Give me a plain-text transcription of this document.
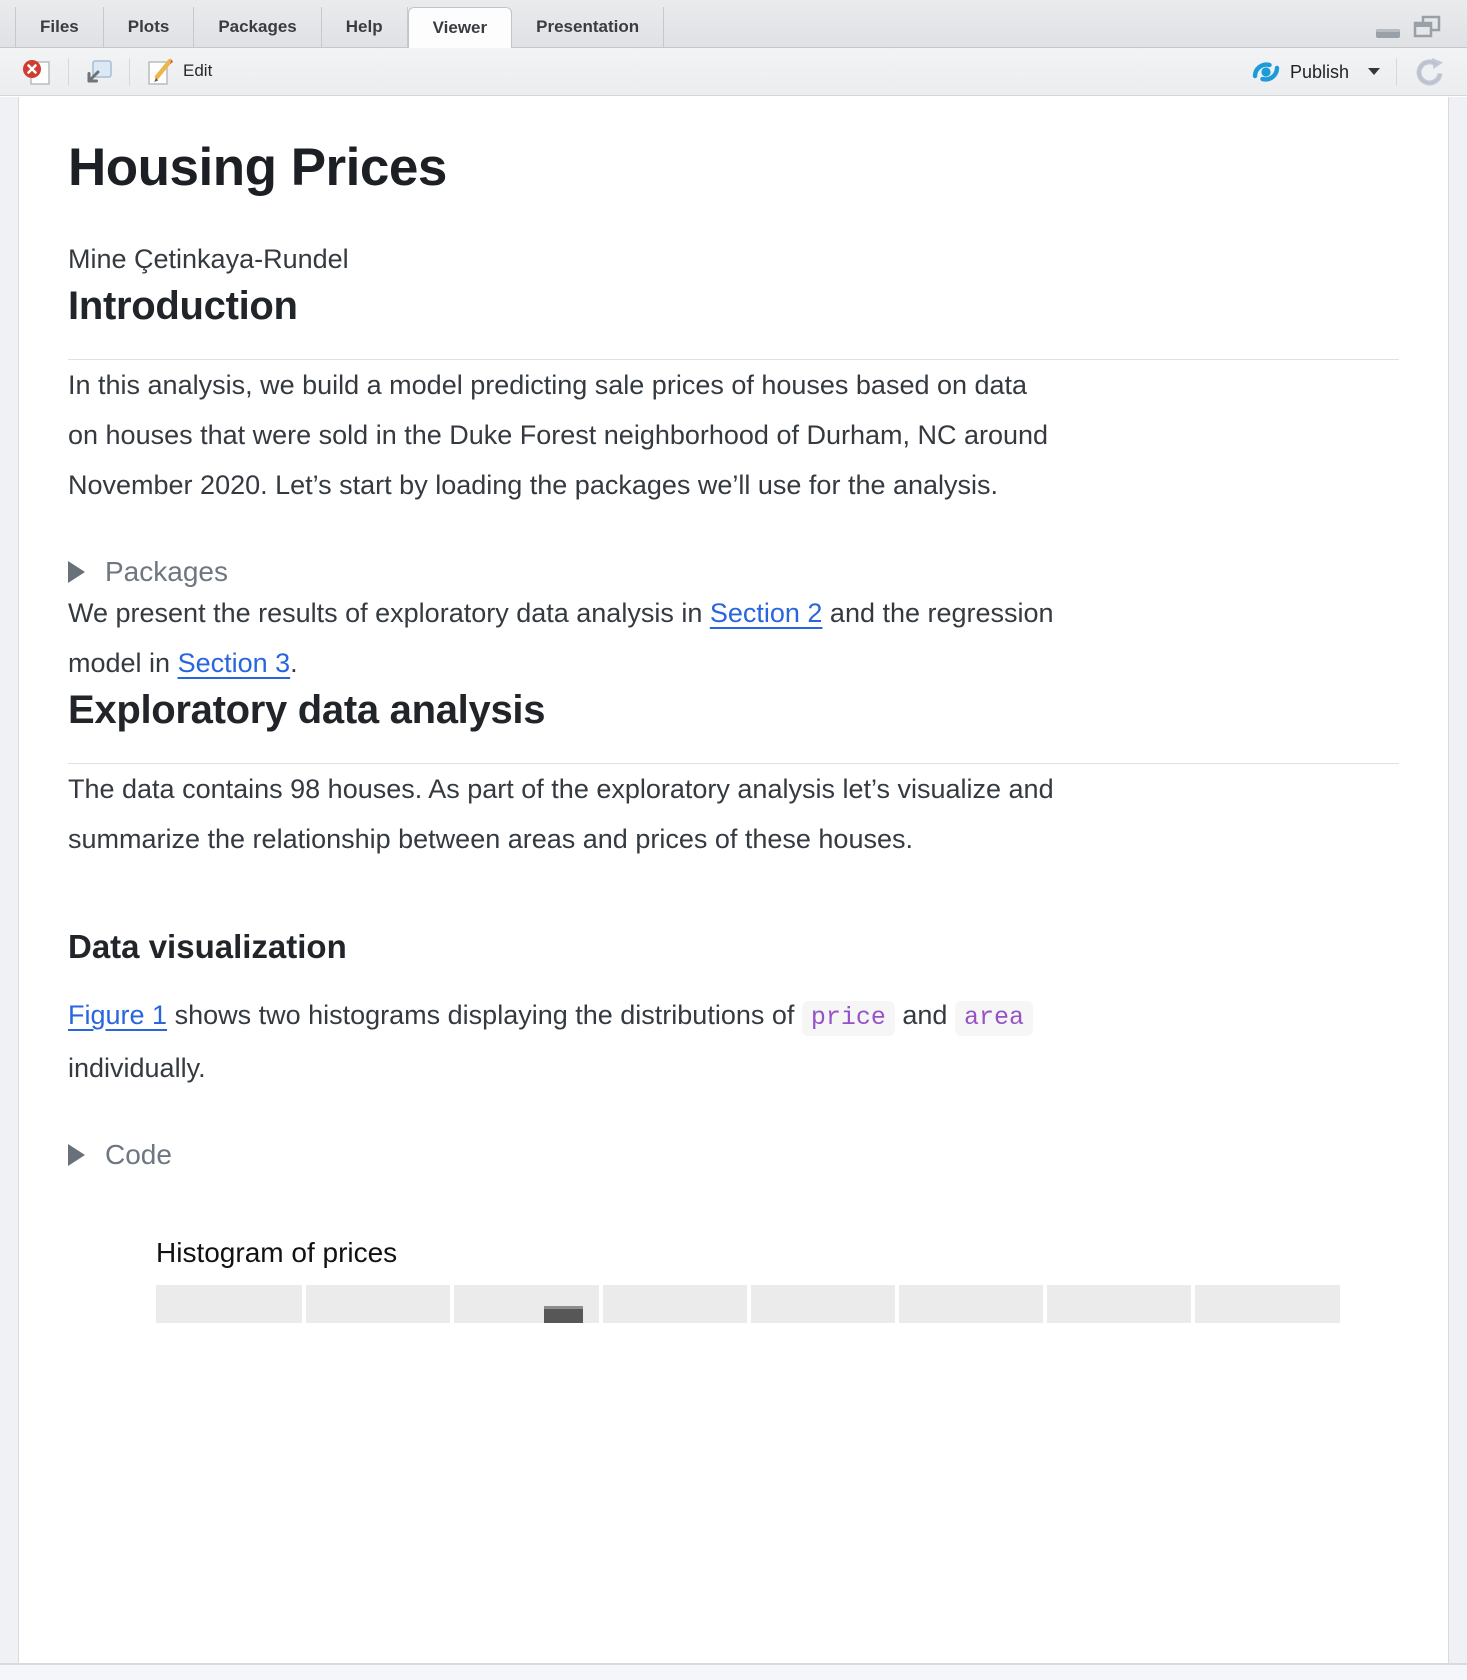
Files	Plots	Packages	Help	Viewer	Presentation
Edit	Publish
Housing Prices

Mine Çetinkaya-Rundel

Introduction

In this analysis, we build a model predicting sale prices of houses based on data
on houses that were sold in the Duke Forest neighborhood of Durham, NC around
November 2020. Let’s start by loading the packages we’ll use for the analysis.

Packages

We present the results of exploratory data analysis in Section 2 and the regression
model in Section 3.

Exploratory data analysis

The data contains 98 houses. As part of the exploratory analysis let’s visualize and
summarize the relationship between areas and prices of these houses.

Data visualization

Figure 1 shows two histograms displaying the distributions of price and area
individually.

Code
Histogram of prices
